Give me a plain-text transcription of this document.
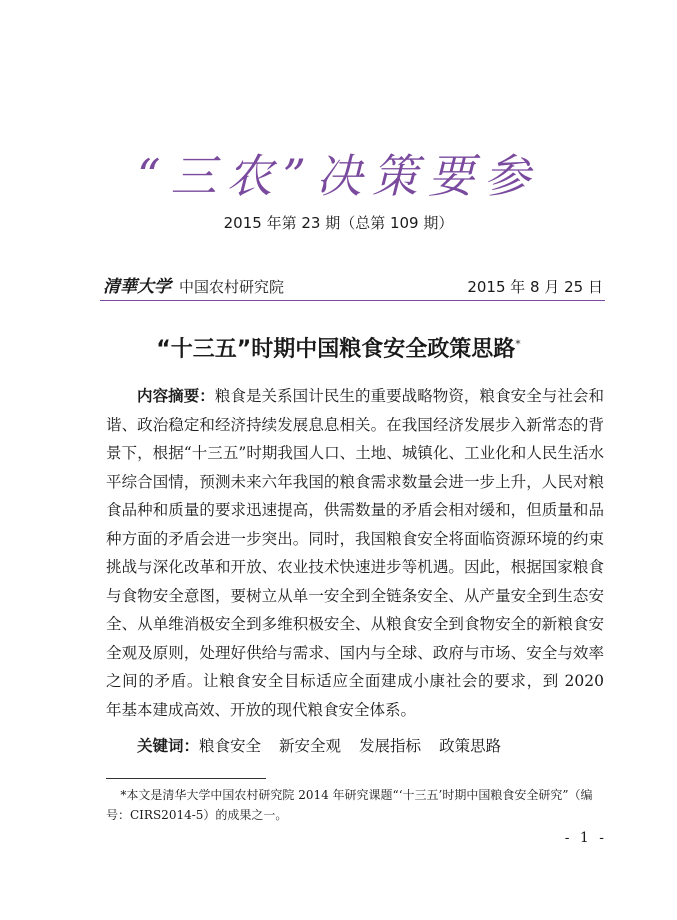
“三农”决策要参
2015 年第 23 期（总第 109 期）
清華大学 中国农村研究院	2015 年 8 月 25 日
“十三五”时期中国粮食安全政策思路*

内容摘要：粮食是关系国计民生的重要战略物资，粮食安全与社会和谐、政治稳定和经济持续发展息息相关。在我国经济发展步入新常态的背景下，根据“十三五”时期我国人口、土地、城镇化、工业化和人民生活水平综合国情，预测未来六年我国的粮食需求数量会进一步上升，人民对粮食品种和质量的要求迅速提高，供需数量的矛盾会相对缓和，但质量和品种方面的矛盾会进一步突出。同时，我国粮食安全将面临资源环境的约束挑战与深化改革和开放、农业技术快速进步等机遇。因此，根据国家粮食与食物安全意图，要树立从单一安全到全链条安全、从产量安全到生态安全、从单维消极安全到多维积极安全、从粮食安全到食物安全的新粮食安全观及原则，处理好供给与需求、国内与全球、政府与市场、安全与效率之间的矛盾。让粮食安全目标适应全面建成小康社会的要求，到 2020 年基本建成高效、开放的现代粮食安全体系。

关键词：粮食安全 新安全观 发展指标 政策思路

*本文是清华大学中国农村研究院 2014 年研究课题“‘十三五’时期中国粮食安全研究”（编号：CIRS2014-5）的成果之一。

- 1 -
